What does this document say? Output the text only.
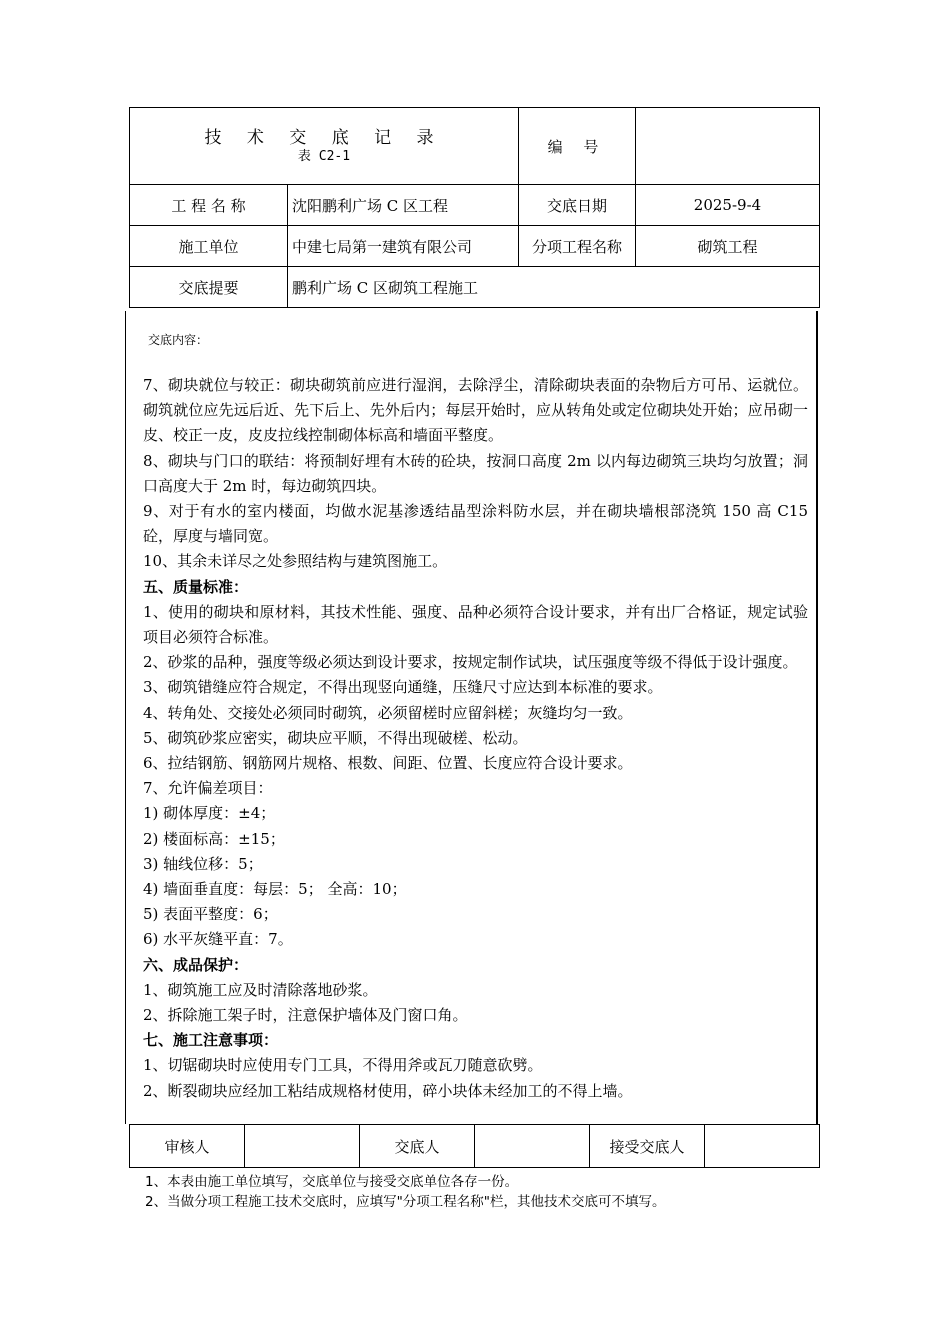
技 术 交 底 记 录
表 C2-1		编 号	
工 程 名 称	沈阳鹏利广场 C 区工程	交底日期	2025-9-4
施工单位	中建七局第一建筑有限公司	分项工程名称	砌筑工程
交底提要	鹏利广场 C 区砌筑工程施工		
交底内容：
7、砌块就位与较正：砌块砌筑前应进行湿润，去除浮尘，清除砌块表面的杂物后方可吊、运就位。砌筑就位应先远后近、先下后上、先外后内；每层开始时，应从转角处或定位砌块处开始；应吊砌一皮、校正一皮，皮皮拉线控制砌体标高和墙面平整度。
8、砌块与门口的联结：将预制好埋有木砖的砼块，按洞口高度 2m 以内每边砌筑三块均匀放置；洞口高度大于 2m 时，每边砌筑四块。
9、对于有水的室内楼面，均做水泥基渗透结晶型涂料防水层，并在砌块墙根部浇筑 150 高 C15 砼，厚度与墙同宽。
10、其余未详尽之处参照结构与建筑图施工。
五、质量标准：
1、使用的砌块和原材料，其技术性能、强度、品种必须符合设计要求，并有出厂合格证，规定试验项目必须符合标准。
2、砂浆的品种，强度等级必须达到设计要求，按规定制作试块，试压强度等级不得低于设计强度。
3、砌筑错缝应符合规定，不得出现竖向通缝，压缝尺寸应达到本标准的要求。
4、转角处、交接处必须同时砌筑，必须留槎时应留斜槎；灰缝均匀一致。
5、砌筑砂浆应密实，砌块应平顺，不得出现破槎、松动。
6、拉结钢筋、钢筋网片规格、根数、间距、位置、长度应符合设计要求。
7、允许偏差项目：
1) 砌体厚度：±4；
2) 楼面标高：±15；
3) 轴线位移：5；
4) 墙面垂直度：每层：5； 全高：10；
5) 表面平整度：6；
6) 水平灰缝平直：7。
六、成品保护：
1、砌筑施工应及时清除落地砂浆。
2、拆除施工架子时，注意保护墙体及门窗口角。
七、施工注意事项：
1、切锯砌块时应使用专门工具，不得用斧或瓦刀随意砍劈。
2、断裂砌块应经加工粘结成规格材使用，碎小块体未经加工的不得上墙。
审核人		交底人		接受交底人	
1、本表由施工单位填写，交底单位与接受交底单位各存一份。
2、当做分项工程施工技术交底时，应填写"分项工程名称"栏，其他技术交底可不填写。
